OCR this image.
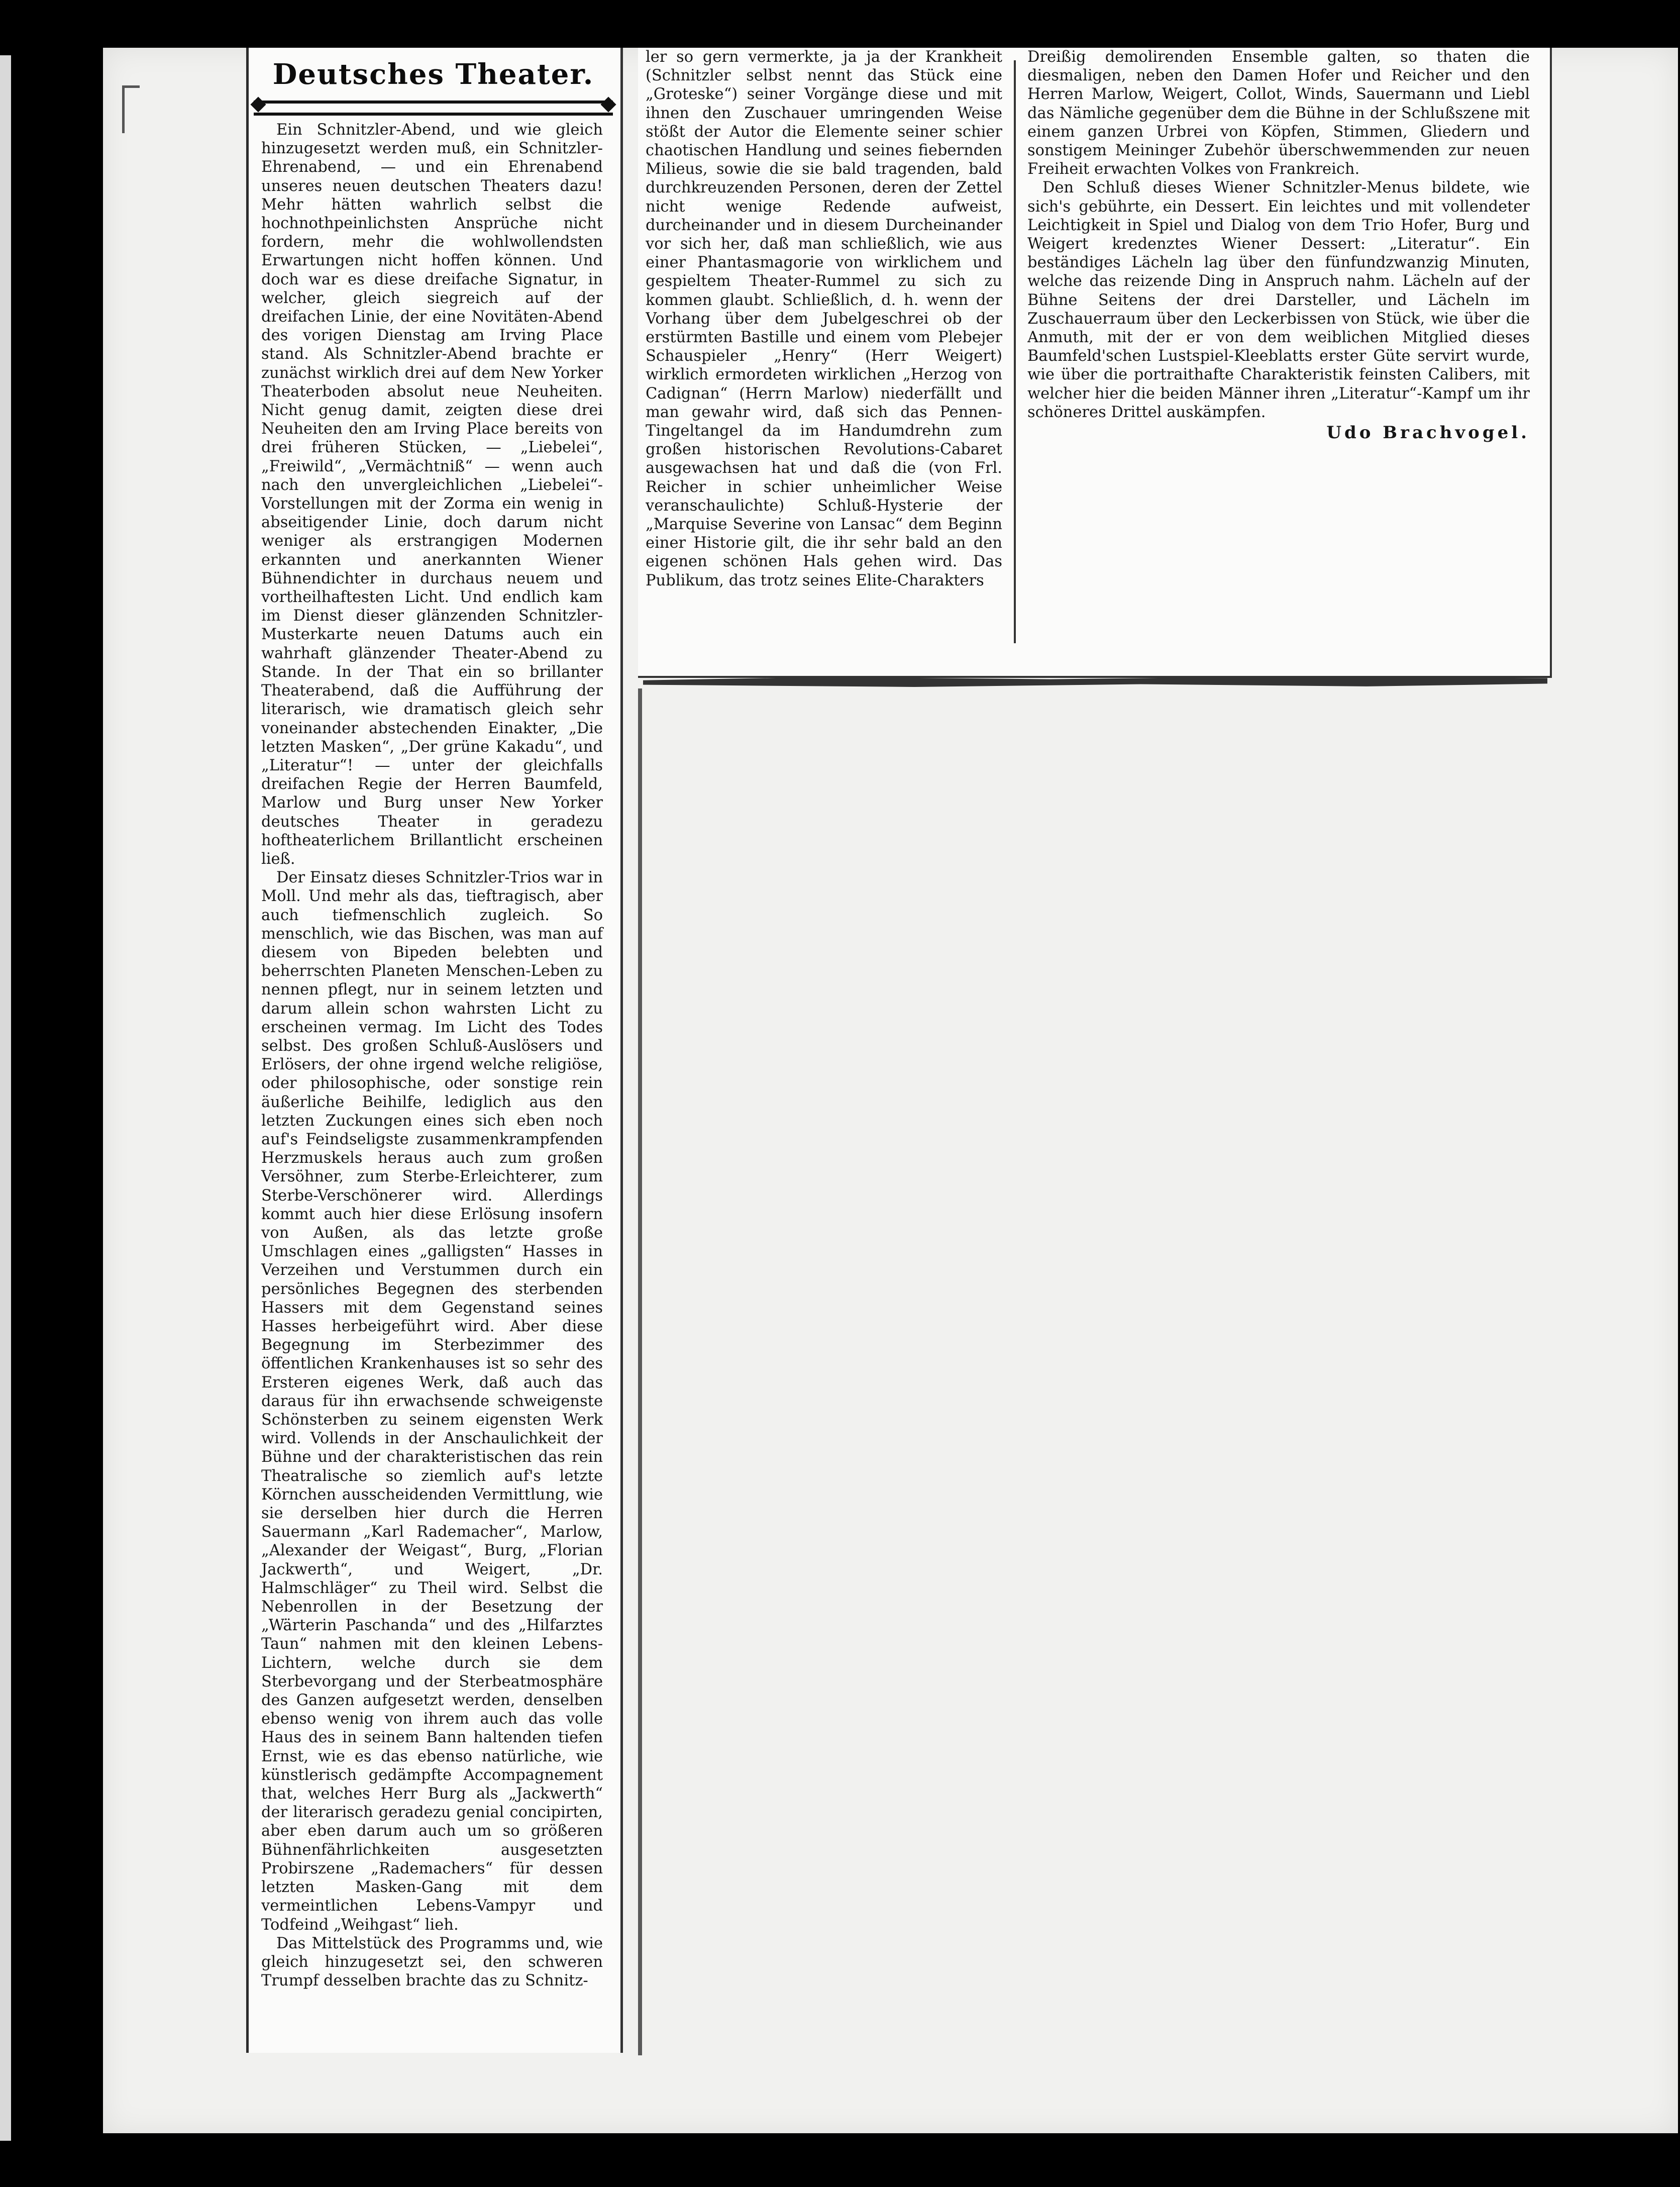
Deutsches Theater.

Ein Schnitzler-Abend, und wie gleich hinzugesetzt werden muß, ein Schnitzler-Ehrenabend, — und ein Ehrenabend unseres neuen deutschen Theaters dazu! Mehr hätten wahrlich selbst die hochnothpeinlichsten Ansprüche nicht fordern, mehr die wohlwollendsten Erwartungen nicht hoffen können. Und doch war es diese dreifache Signatur, in welcher, gleich siegreich auf der dreifachen Linie, der eine Novitäten-Abend des vorigen Dienstag am Irving Place stand. Als Schnitzler-Abend brachte er zunächst wirklich drei auf dem New Yorker Theaterboden absolut neue Neuheiten. Nicht genug damit, zeigten diese drei Neuheiten den am Irving Place bereits von drei früheren Stücken, — „Liebelei“, „Freiwild“, „Vermächtniß“ — wenn auch nach den unvergleichlichen „Liebelei“-Vorstellungen mit der Zorma ein wenig in abseitigender Linie, doch darum nicht weniger als erstrangigen Modernen erkannten und anerkannten Wiener Bühnendichter in durchaus neuem und vortheilhaftesten Licht. Und endlich kam im Dienst dieser glänzenden Schnitzler-Musterkarte neuen Datums auch ein wahrhaft glänzender Theater-Abend zu Stande. In der That ein so brillanter Theaterabend, daß die Aufführung der literarisch, wie dramatisch gleich sehr voneinander abstechenden Einakter, „Die letzten Masken“, „Der grüne Kakadu“, und „Literatur“! — unter der gleichfalls dreifachen Regie der Herren Baumfeld, Marlow und Burg unser New Yorker deutsches Theater in geradezu hoftheaterlichem Brillantlicht erscheinen ließ.

Der Einsatz dieses Schnitzler-Trios war in Moll. Und mehr als das, tieftragisch, aber auch tiefmenschlich zugleich. So menschlich, wie das Bischen, was man auf diesem von Bipeden belebten und beherrschten Planeten Menschen-Leben zu nennen pflegt, nur in seinem letzten und darum allein schon wahrsten Licht zu erscheinen vermag. Im Licht des Todes selbst. Des großen Schluß-Auslösers und Erlösers, der ohne irgend welche religiöse, oder philosophische, oder sonstige rein äußerliche Beihilfe, lediglich aus den letzten Zuckungen eines sich eben noch auf's Feindseligste zusammenkrampfenden Herzmuskels heraus auch zum großen Versöhner, zum Sterbe-Erleichterer, zum Sterbe-Verschönerer wird. Allerdings kommt auch hier diese Erlösung insofern von Außen, als das letzte große Umschlagen eines „galligsten“ Hasses in Verzeihen und Verstummen durch ein persönliches Begegnen des sterbenden Hassers mit dem Gegenstand seines Hasses herbeigeführt wird. Aber diese Begegnung im Sterbezimmer des öffentlichen Krankenhauses ist so sehr des Ersteren eigenes Werk, daß auch das daraus für ihn erwachsende schweigenste Schönsterben zu seinem eigensten Werk wird. Vollends in der Anschaulichkeit der Bühne und der charakteristischen das rein Theatralische so ziemlich auf's letzte Körnchen ausscheidenden Vermittlung, wie sie derselben hier durch die Herren Sauermann „Karl Rademacher“, Marlow, „Alexander der Weigast“, Burg, „Florian Jackwerth“, und Weigert, „Dr. Halmschläger“ zu Theil wird. Selbst die Nebenrollen in der Besetzung der „Wärterin Paschanda“ und des „Hilfarztes Taun“ nahmen mit den kleinen Lebens-Lichtern, welche durch sie dem Sterbevorgang und der Sterbeatmosphäre des Ganzen aufgesetzt werden, denselben ebenso wenig von ihrem auch das volle Haus des in seinem Bann haltenden tiefen Ernst, wie es das ebenso natürliche, wie künstlerisch gedämpfte Accompagnement that, welches Herr Burg als „Jackwerth“ der literarisch geradezu genial concipirten, aber eben darum auch um so größeren Bühnenfährlichkeiten ausgesetzten Probirszene „Rademachers“ für dessen letzten Masken-Gang mit dem vermeintlichen Lebens-Vampyr und Todfeind „Weihgast“ lieh.

Das Mittelstück des Programms und, wie gleich hinzugesetzt sei, den schweren Trumpf desselben brachte das zu Schnitz-

ler so gern vermerkte, ja ja der Krankheit (Schnitzler selbst nennt das Stück eine „Groteske“) seiner Vorgänge diese und mit ihnen den Zuschauer umringenden Weise stößt der Autor die Elemente seiner schier chaotischen Handlung und seines fiebernden Milieus, sowie die sie bald tragenden, bald durchkreuzenden Personen, deren der Zettel nicht wenige Redende aufweist, durcheinander und in diesem Durcheinander vor sich her, daß man schließlich, wie aus einer Phantasmagorie von wirklichem und gespieltem Theater-Rummel zu sich zu kommen glaubt. Schließlich, d. h. wenn der Vorhang über dem Jubelgeschrei ob der erstürmten Bastille und einem vom Plebejer Schauspieler „Henry“ (Herr Weigert) wirklich ermordeten wirklichen „Herzog von Cadignan“ (Herrn Marlow) niederfällt und man gewahr wird, daß sich das Pennen-Tingeltangel da im Handumdrehn zum großen historischen Revolutions-Cabaret ausgewachsen hat und daß die (von Frl. Reicher in schier unheimlicher Weise veranschaulichte) Schluß-Hysterie der „Marquise Severine von Lansac“ dem Beginn einer Historie gilt, die ihr sehr bald an den eigenen schönen Hals gehen wird. Das Publikum, das trotz seines Elite-Charakters

Dreißig demolirenden Ensemble galten, so thaten die diesmaligen, neben den Damen Hofer und Reicher und den Herren Marlow, Weigert, Collot, Winds, Sauermann und Liebl das Nämliche gegenüber dem die Bühne in der Schlußszene mit einem ganzen Urbrei von Köpfen, Stimmen, Gliedern und sonstigem Meininger Zubehör überschwemmenden zur neuen Freiheit erwachten Volkes von Frankreich.

Den Schluß dieses Wiener Schnitzler-Menus bildete, wie sich's gebührte, ein Dessert. Ein leichtes und mit vollendeter Leichtigkeit in Spiel und Dialog von dem Trio Hofer, Burg und Weigert kredenztes Wiener Dessert: „Literatur“. Ein beständiges Lächeln lag über den fünfundzwanzig Minuten, welche das reizende Ding in Anspruch nahm. Lächeln auf der Bühne Seitens der drei Darsteller, und Lächeln im Zuschauerraum über den Leckerbissen von Stück, wie über die Anmuth, mit der er von dem weiblichen Mitglied dieses Baumfeld'schen Lustspiel-Kleeblatts erster Güte servirt wurde, wie über die portraithafte Charakteristik feinsten Calibers, mit welcher hier die beiden Männer ihren „Literatur“-Kampf um ihr schöneres Drittel auskämpfen.

Udo Brachvogel.
